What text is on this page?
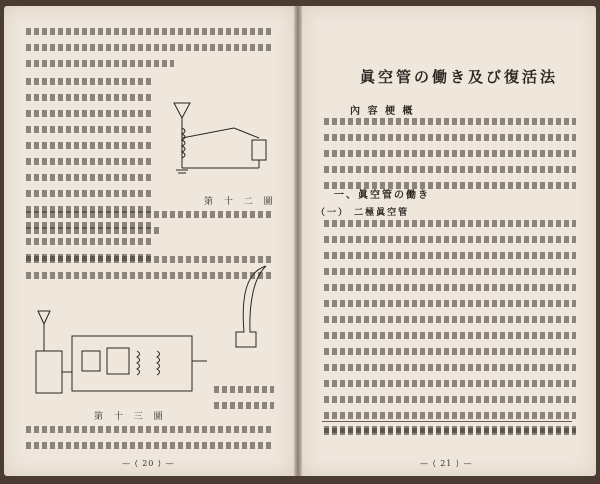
第 十 二 圖
第 十 三 圖
— ⟨ 20 ⟩ —
眞空管の働き及び復活法
內 容 梗 概
一、眞空管の働き
（一） 二極眞空管
— ⟨ 21 ⟩ —
